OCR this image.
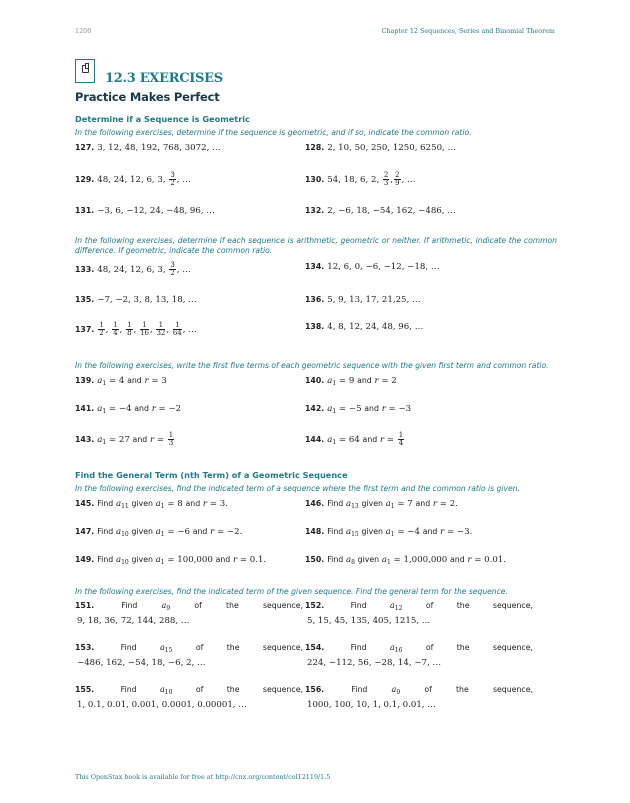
1200	Chapter 12 Sequences, Series and Binomial Theorem
12.3 EXERCISES
Practice Makes Perfect
Determine if a Sequence is Geometric
In the following exercises, determine if the sequence is geometric, and if so, indicate the common ratio.
127. 3, 12, 48, 192, 768, 3072, …	128. 2, 10, 50, 250, 1250, 6250, …
129. 48, 24, 12, 6, 3, $\frac{3}{2}$ , …	130. 54, 18, 6, 2, $\frac{2}{3}$ , $\frac{2}{9}$ , …
131. −3, 6, −12, 24, −48, 96, …	132. 2, −6, 18, −54, 162, −486, …
In the following exercises, determine if each sequence is arithmetic, geometric or neither. If arithmetic, indicate the common difference. If geometric, indicate the common ratio.
133. 48, 24, 12, 6, 3, $\frac{3}{2}$ , …	134. 12, 6, 0, −6, −12, −18, …
135. −7, −2, 3, 8, 13, 18, …	136. 5, 9, 13, 17, 21,25, …
137. $\frac{1}{2}$ , $\frac{1}{4}$ , $\frac{1}{8}$ , $\frac{1}{16}$ , $\frac{1}{32}$ , $\frac{1}{64}$ , …	138. 4, 8, 12, 24, 48, 96, …
In the following exercises, write the first five terms of each geometric sequence with the given first term and common ratio.
139. $a_1 = 4$ and r = 3	140. $a_1 = 9$ and r = 2
141. $a_1 = -4$ and r = −2	142. $a_1 = -5$ and r = −3
143. $a_1 = 27$ and $r = \frac{1}{3}$	144. $a_1 = 64$ and $r = \frac{1}{4}$
Find the General Term (nth Term) of a Geometric Sequence
In the following exercises, find the indicated term of a sequence where the first term and the common ratio is given.
145. Find $a_{11}$ given $a_1 = 8$ and r = 3.	146. Find $a_{13}$ given $a_1 = 7$ and r = 2.
147. Find $a_{10}$ given $a_1 = -6$ and r = −2.	148. Find $a_{15}$ given $a_1 = -4$ and r = −3.
149. Find $a_{10}$ given $a_1 = 100,000$ and r = 0.1.	150. Find $a_8$ given $a_1 = 1,000,000$ and r = 0.01.
In the following exercises, find the indicated term of the given sequence. Find the general term for the sequence.
151.	Find	$a_9$	of	the	sequence,
9, 18, 36, 72, 144, 288, …
152.	Find	$a_{12}$	of	the	sequence,
5, 15, 45, 135, 405, 1215, …
153.	Find	$a_{15}$	of	the	sequence,
−486, 162, −54, 18, −6, 2, …
154.	Find	$a_{16}$	of	the	sequence,
224, −112, 56, −28, 14, −7, …
155.	Find	$a_{10}$	of	the	sequence,
1, 0.1, 0.01, 0.001, 0.0001, 0.00001, …
156.	Find	$a_9$	of	the	sequence,
1000, 100, 10, 1, 0.1, 0.01, …
This OpenStax book is available for free at http://cnx.org/content/col12119/1.5
